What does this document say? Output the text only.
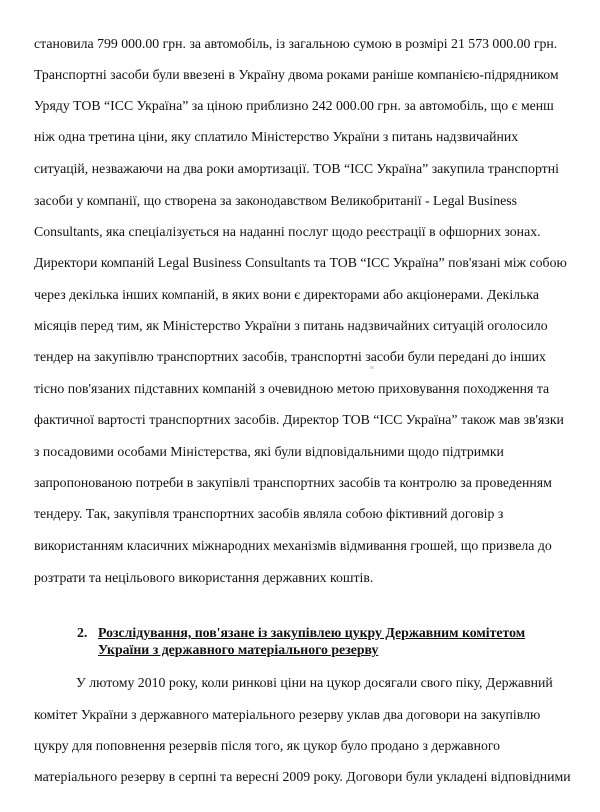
становила 799 000.00 грн. за автомобіль, із загальною сумою в розмірі 21 573 000.00 грн.
Транспортні засоби були ввезені в Україну двома роками раніше компанією-підрядником
Уряду ТОВ “ICC Україна” за ціною приблизно 242 000.00 грн. за автомобіль, що є менш
ніж одна третина ціни, яку сплатило Міністерство України з питань надзвичайних
ситуацій, незважаючи на два роки амортизації. ТОВ “ICC Україна” закупила транспортні
засоби у компанії, що створена за законодавством Великобританії - Legal Business
Consultants, яка спеціалізується на наданні послуг щодо реєстрації в офшорних зонах.
Директори компаній Legal Business Consultants та ТОВ “ICC Україна” пов'язані між собою
через декілька інших компаній, в яких вони є директорами або акціонерами. Декілька
місяців перед тим, як Міністерство України з питань надзвичайних ситуацій оголосило
тендер на закупівлю транспортних засобів, транспортні засоби були передані до інших
тісно пов'язаних підставних компаній з очевидною метою приховування походження та
фактичної вартості транспортних засобів. Директор ТОВ “ICC Україна” також мав зв'язки
з посадовими особами Міністерства, які були відповідальними щодо підтримки
запропонованою потреби в закупівлі транспортних засобів та контролю за проведенням
тендеру. Так, закупівля транспортних засобів являла собою фіктивний договір з
використанням класичних міжнародних механізмів відмивання грошей, що призвела до
розтрати та нецільового використання державних коштів.
2. Розслідування, пов'язане із закупівлею цукру Державним комітетом
України з державного матеріального резерву
У лютому 2010 року, коли ринкові ціни на цукор досягали свого піку, Державний
комітет України з державного матеріального резерву уклав два договори на закупівлю
цукру для поповнення резервів після того, як цукор було продано з державного
матеріального резерву в серпні та вересні 2009 року. Договори були укладені відповідними
